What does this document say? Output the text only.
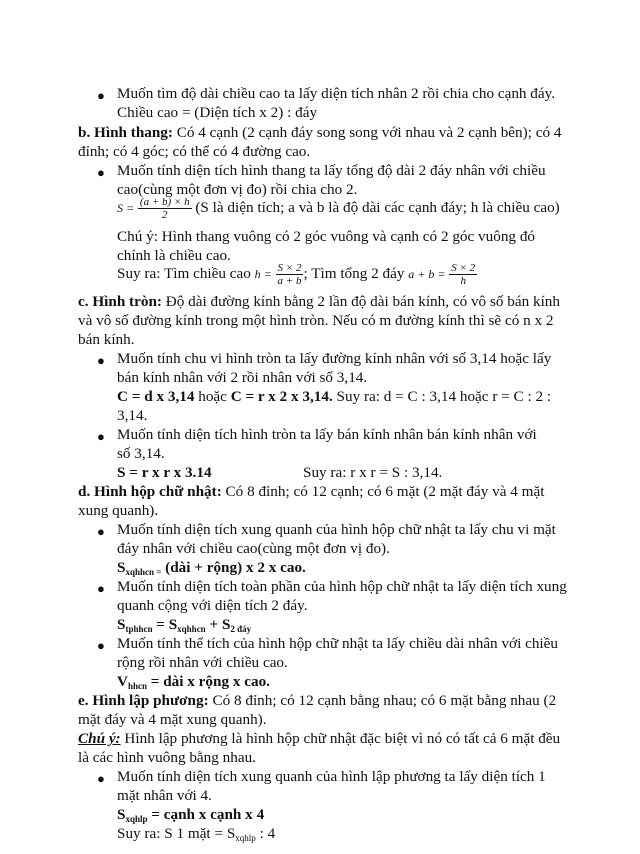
● Muốn tìm độ dài chiều cao ta lấy diện tích nhân 2 rồi chia cho cạnh đáy.
Chiều cao = (Diện tích x 2) : đáy
b. Hình thang: Có 4 cạnh (2 cạnh đáy song song với nhau và 2 cạnh bên); có 4
đỉnh; có 4 góc; có thể có 4 đường cao.
● Muốn tính diện tích hình thang ta lấy tổng độ dài 2 đáy nhân với chiều
cao(cùng một đơn vị đo) rồi chia cho 2.
$S = \frac{(a + b) \times h}{2} (S$ là diện tích; a và b là độ dài các cạnh đáy; h là chiều cao)
Chú ý: Hình thang vuông có 2 góc vuông và cạnh có 2 góc vuông đó
chính là chiều cao.
Suy ra: Tìm chiều cao $h = \frac{S \times 2}{a + b}$ ; Tìm tổng 2 đáy $a + b = \frac{S \times 2}{h}$
c. Hình tròn: Độ dài đường kính bằng 2 lần độ dài bán kính, có vô số bán kính
và vô số đường kính trong một hình tròn. Nếu có m đường kính thì sẽ có n x 2
bán kính.
● Muốn tính chu vi hình tròn ta lấy đường kính nhân với số 3,14 hoặc lấy
bán kính nhân với 2 rồi nhân với số 3,14.
C = d x 3,14 hoặc C = r x 2 x 3,14. Suy ra: d = C : 3,14 hoặc r = C : 2 :
3,14.
● Muốn tính diện tích hình tròn ta lấy bán kính nhân bán kính nhân với
số 3,14.
S = r x r x 3.14	Suy ra: r x r = S : 3,14.
d. Hình hộp chữ nhật: Có 8 đỉnh; có 12 cạnh; có 6 mặt (2 mặt đáy và 4 mặt
xung quanh).
● Muốn tính diện tích xung quanh của hình hộp chữ nhật ta lấy chu vi mặt
đáy nhân với chiều cao(cùng một đơn vị đo).
$S_{xqhhcn =}$ (dài + rộng) x 2 x cao.
● Muốn tính diện tích toàn phần của hình hộp chữ nhật ta lấy diện tích xung
quanh cộng với diện tích 2 đáy.
$S_{tphhcn} = S_{xqhhcn} + S_{2 đáy}$
● Muốn tính thể tích của hình hộp chữ nhật ta lấy chiều dài nhân với chiều
rộng rồi nhân với chiều cao.
$V_{hhcn}$ = dài x rộng x cao.
e. Hình lập phương: Có 8 đỉnh; có 12 cạnh bằng nhau; có 6 mặt bằng nhau (2
mặt đáy và 4 mặt xung quanh).
Chú ý: Hình lập phương là hình hộp chữ nhật đặc biệt vì nó có tất cả 6 mặt đều
là các hình vuông bằng nhau.
● Muốn tính diện tích xung quanh của hình lập phương ta lấy diện tích 1
mặt nhân với 4.
$S_{xqhlp}$ = cạnh x cạnh x 4
Suy ra: S 1 mặt = $S_{xqhlp}$ : 4
